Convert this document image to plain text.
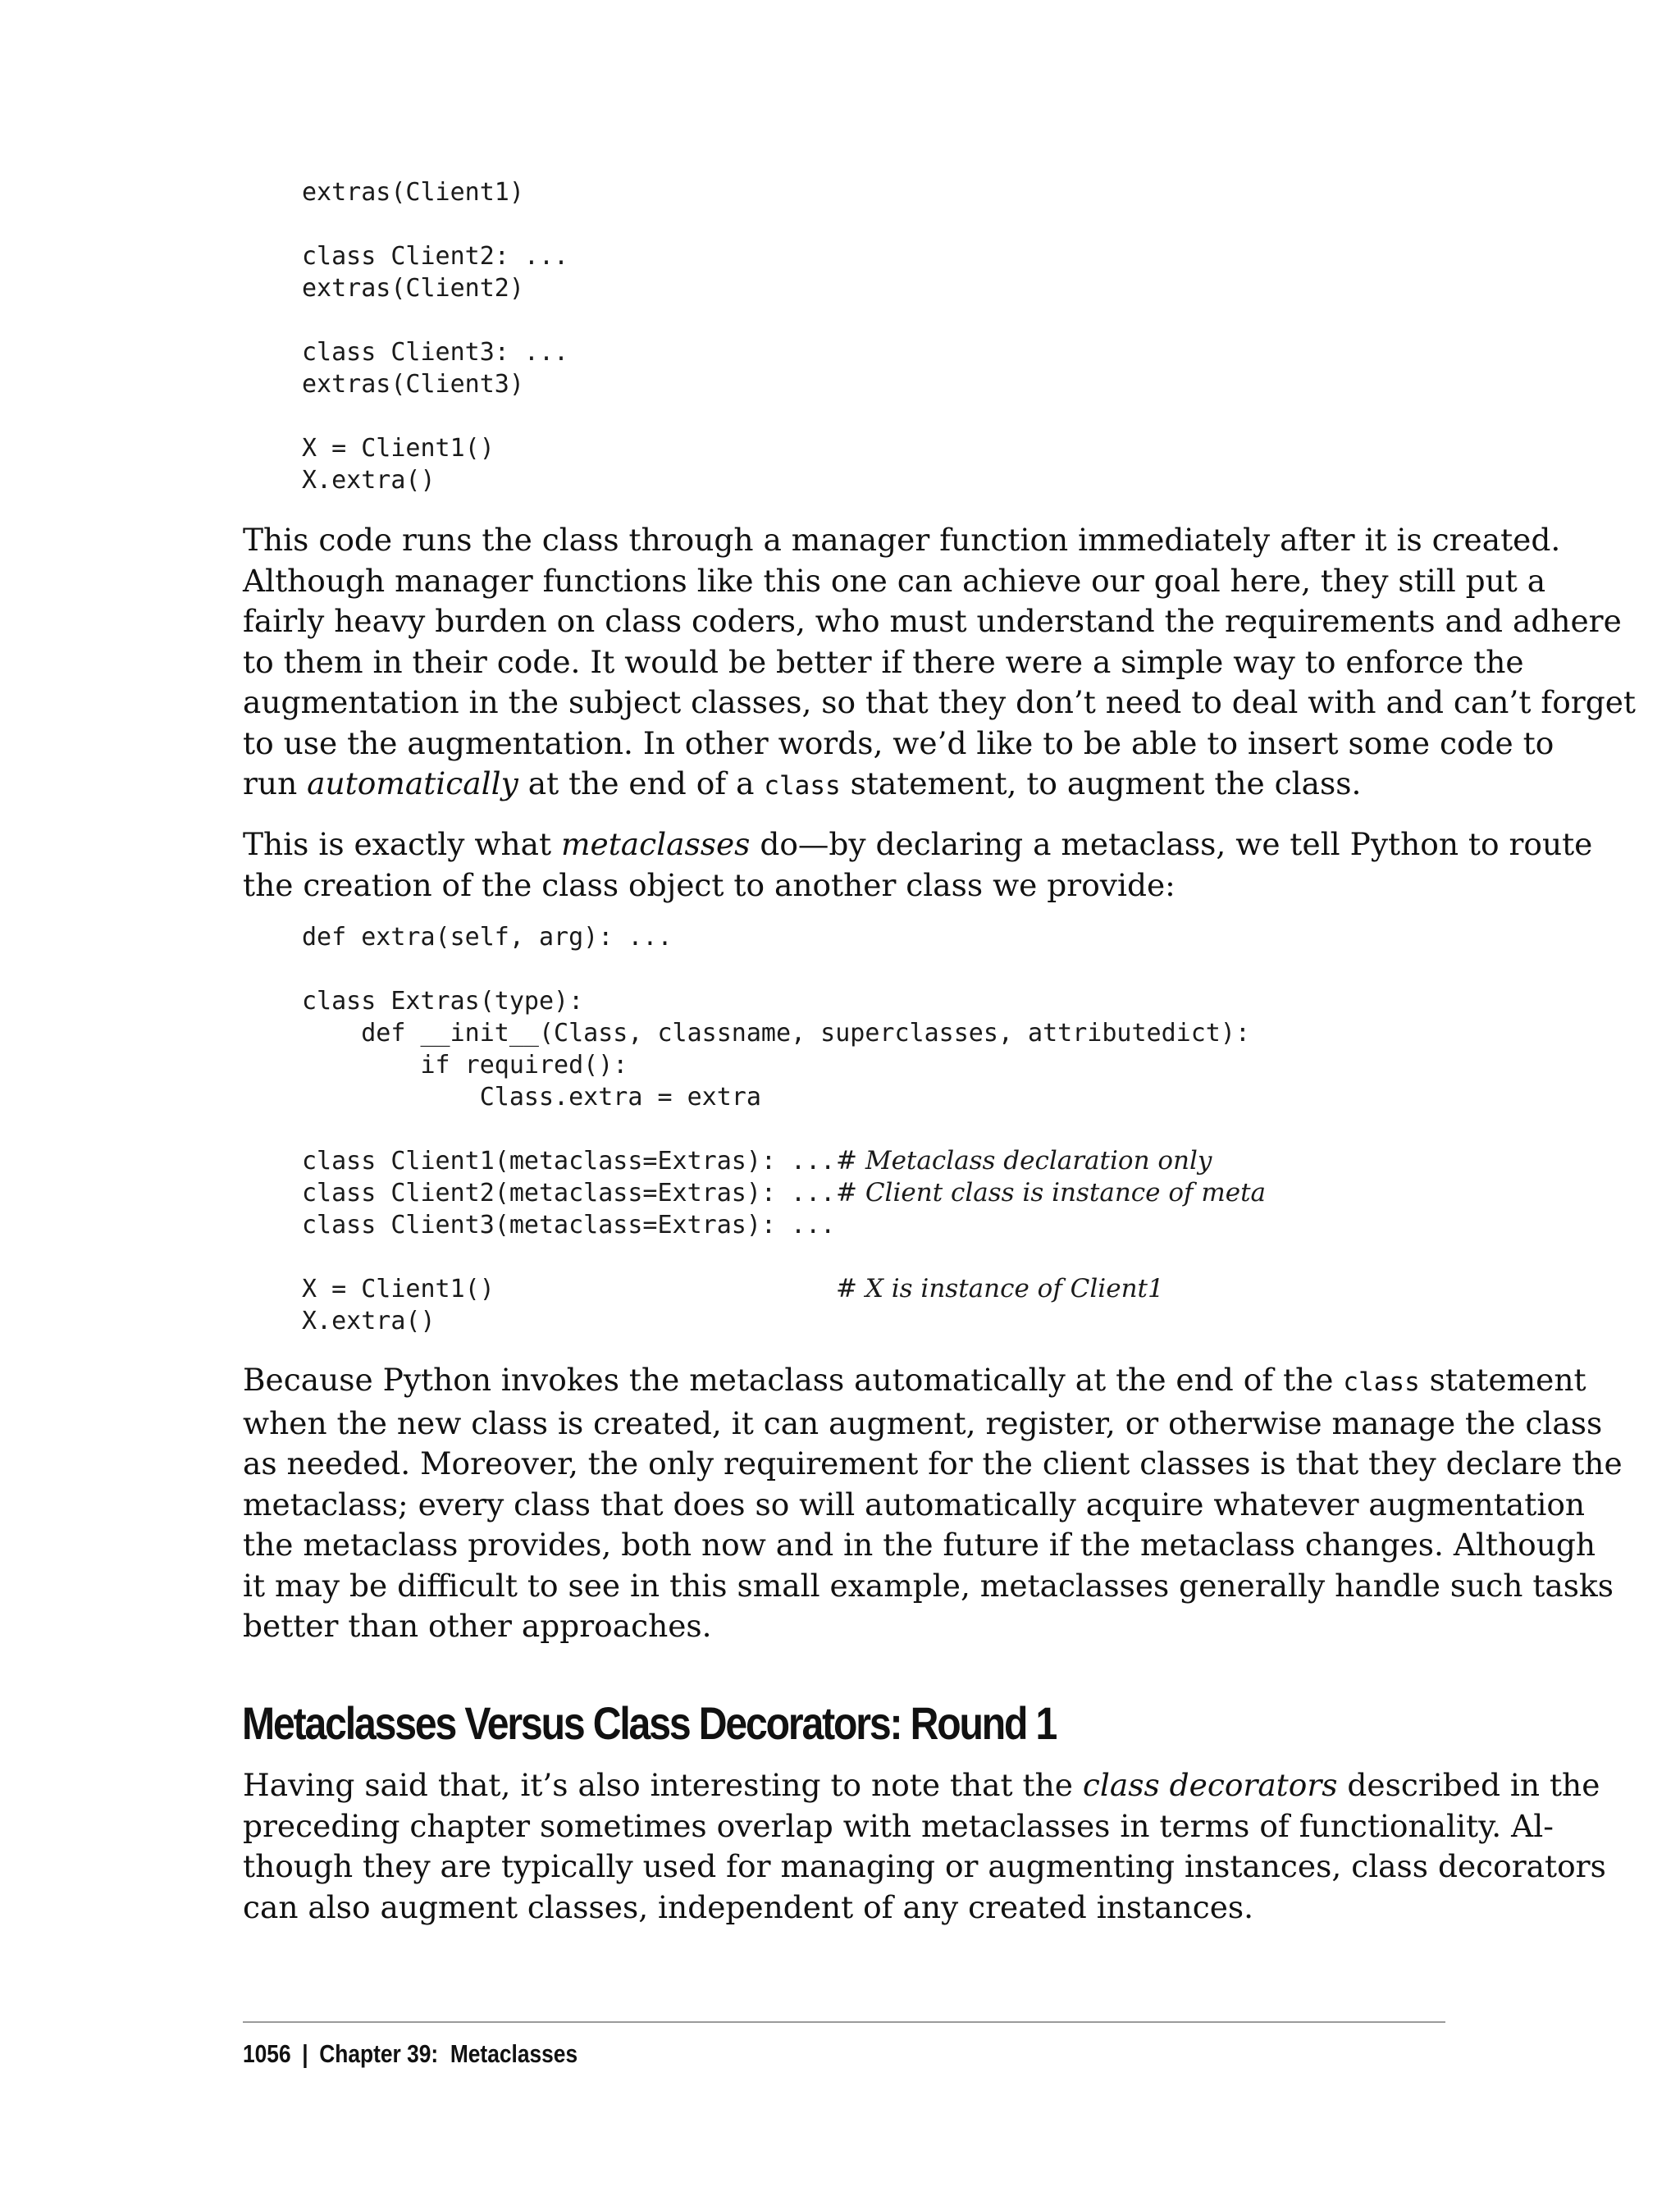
extras(Client1)
class Client2: ...
extras(Client2)
class Client3: ...
extras(Client3)
X = Client1()
X.extra()
This code runs the class through a manager function immediately after it is created.
Although manager functions like this one can achieve our goal here, they still put a
fairly heavy burden on class coders, who must understand the requirements and adhere
to them in their code. It would be better if there were a simple way to enforce the
augmentation in the subject classes, so that they don’t need to deal with and can’t forget
to use the augmentation. In other words, we’d like to be able to insert some code to
run automatically at the end of a class statement, to augment the class.
This is exactly what metaclasses do—by declaring a metaclass, we tell Python to route
the creation of the class object to another class we provide:
def extra(self, arg): ...
class Extras(type):
def __init__(Class, classname, superclasses, attributedict):
if required():
Class.extra = extra
class Client1(metaclass=Extras): ... # Metaclass declaration only
class Client2(metaclass=Extras): ... # Client class is instance of meta
class Client3(metaclass=Extras): ...
X = Client1()	# X is instance of Client1
X.extra()
Because Python invokes the metaclass automatically at the end of the class statement
when the new class is created, it can augment, register, or otherwise manage the class
as needed. Moreover, the only requirement for the client classes is that they declare the
metaclass; every class that does so will automatically acquire whatever augmentation
the metaclass provides, both now and in the future if the metaclass changes. Although
it may be difficult to see in this small example, metaclasses generally handle such tasks
better than other approaches.
Metaclasses Versus Class Decorators: Round 1
Having said that, it’s also interesting to note that the class decorators described in the
preceding chapter sometimes overlap with metaclasses in terms of functionality. Al-
though they are typically used for managing or augmenting instances, class decorators
can also augment classes, independent of any created instances.
1056 | Chapter 39:  Metaclasses
